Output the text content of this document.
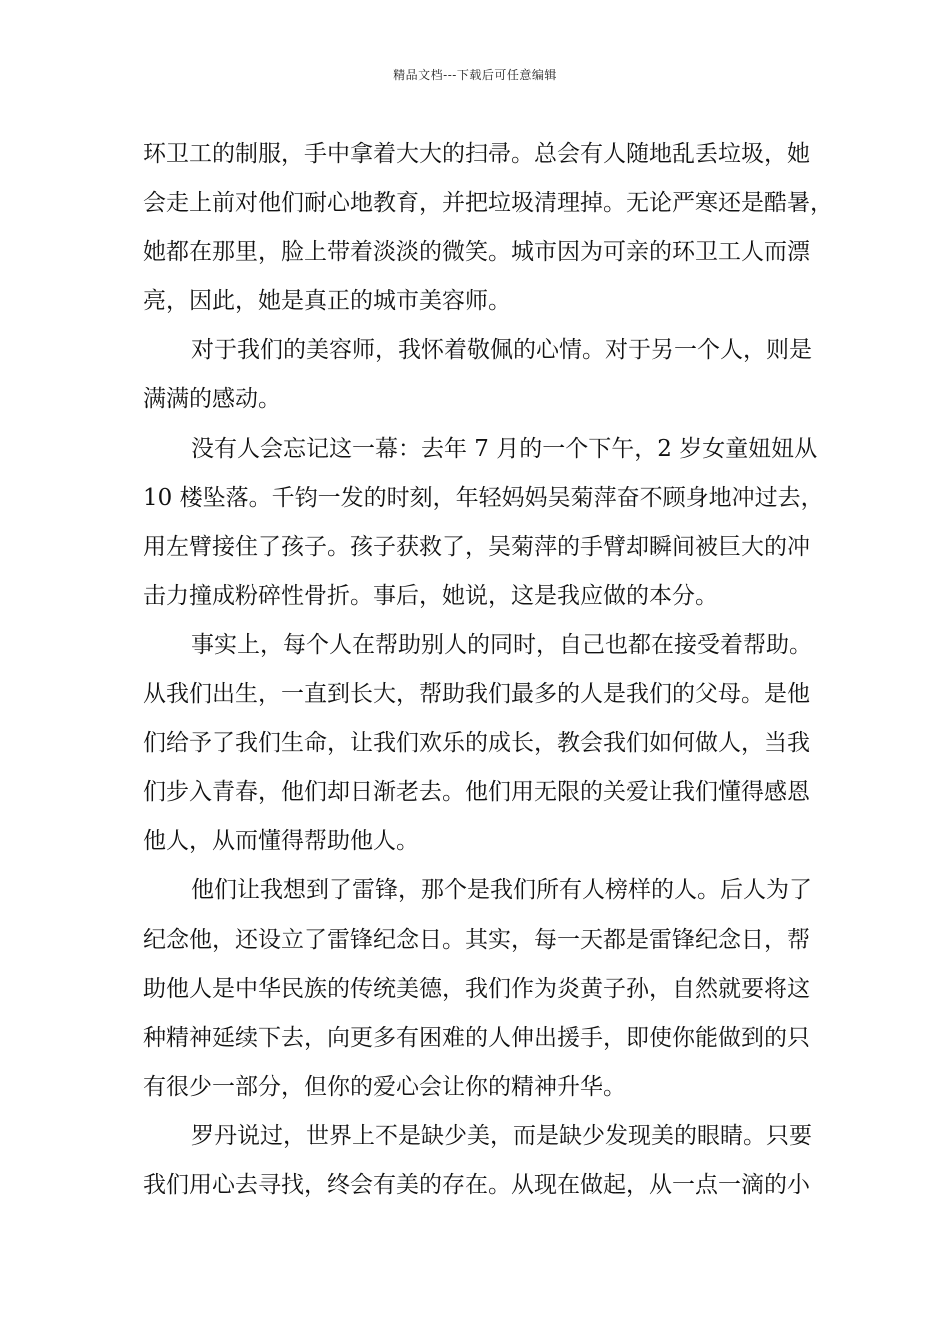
精品文档---下载后可任意编辑
环卫工的制服，手中拿着大大的扫帚。总会有人随地乱丢垃圾，她
会走上前对他们耐心地教育，并把垃圾清理掉。无论严寒还是酷暑，
她都在那里，脸上带着淡淡的微笑。城市因为可亲的环卫工人而漂
亮，因此，她是真正的城市美容师。
对于我们的美容师，我怀着敬佩的心情。对于另一个人，则是
满满的感动。
没有人会忘记这一幕：去年 7 月的一个下午，2 岁女童妞妞从
10 楼坠落。千钧一发的时刻，年轻妈妈吴菊萍奋不顾身地冲过去，
用左臂接住了孩子。孩子获救了，吴菊萍的手臂却瞬间被巨大的冲
击力撞成粉碎性骨折。事后，她说，这是我应做的本分。
事实上，每个人在帮助别人的同时，自己也都在接受着帮助。
从我们出生，一直到长大，帮助我们最多的人是我们的父母。是他
们给予了我们生命，让我们欢乐的成长，教会我们如何做人，当我
们步入青春，他们却日渐老去。他们用无限的关爱让我们懂得感恩
他人，从而懂得帮助他人。
他们让我想到了雷锋，那个是我们所有人榜样的人。后人为了
纪念他，还设立了雷锋纪念日。其实，每一天都是雷锋纪念日，帮
助他人是中华民族的传统美德，我们作为炎黄子孙，自然就要将这
种精神延续下去，向更多有困难的人伸出援手，即使你能做到的只
有很少一部分，但你的爱心会让你的精神升华。
罗丹说过，世界上不是缺少美，而是缺少发现美的眼睛。只要
我们用心去寻找，终会有美的存在。从现在做起，从一点一滴的小
